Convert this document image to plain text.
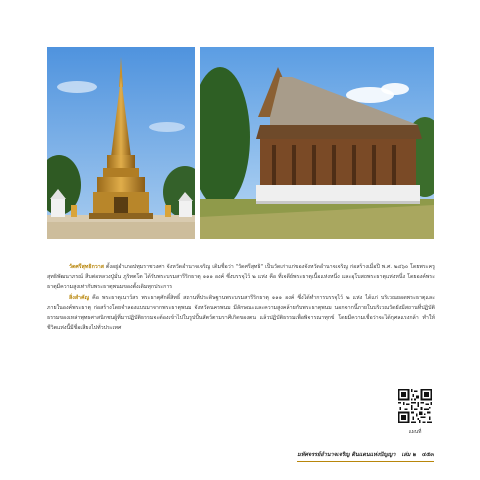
วัดศรีสุทธิกวาส ตั้งอยู่อำเภอปทุมราชวงศา จังหวัดอำนาจเจริญ เดิมชื่อว่า "วัดศรีสุทธิ" เป็นวัดเก่าแก่ของจังหวัดอำนาจเจริญ ก่อสร้างเมื่อปี พ.ศ. ๒๔๖๐ โดยพระครูสุทธิพัฒนาภรณ์ สืบต่อหลวงปู่มั่น ภูริทตโต ได้รับพระบรมสารีริกธาตุ ๑๑๑ องค์ ซึ่งบรรจุไว้ ๒ แห่ง คือ ที่เจดีย์พระธาตุเนื้อแห่งหนึ่ง และอุโบสถพระธาตุแห่งหนึ่ง โดยองค์พระธาตุมีความสูงเท่ากับพระธาตุพนมของตั้งเดิมทุกประการ

สิ่งสำคัญ คือ พระธาตุเนาว์สร พระธาตุศักดิ์สิทธิ์ สถานที่ประดิษฐานพระบรมสารีริกธาตุ ๑๑๑ องค์ ซึ่งได้ทำการบรรจุไว้ ๒ แห่ง ได้แก่ บริเวณยอดพระธาตุและภายในองค์พระธาตุ ก่อสร้างโดยจำลองแบบมาจากพระธาตุพนม จังหวัดนครพนม มีลักษณะและความสูงคล้ายกับพระธาตุพนม นอกจากนี้ภายในบริเวณวัดยังมีสถานที่ปฏิบัติธรรมของเหล่าพุทธศาสนิกชนผู้ที่มาปฏิบัติธรรมจะต้องเข้าไปในรูปปั้นสัตว์ตามราศีเกิดของตน แล้วปฏิบัติธรรมเพื่อพิจารณาทุกข์ โดยมีความเชื่อว่าจะได้กุศลแรงกล้า ทำให้ชีวิตแห่งนี้มีชื่อเสียงไปทั่วประเทศ

แผนที่
มหัศจรรย์อำนาจเจริญ ดินแดนแห่งปัญญา เล่ม ๒ ๔๕๓
